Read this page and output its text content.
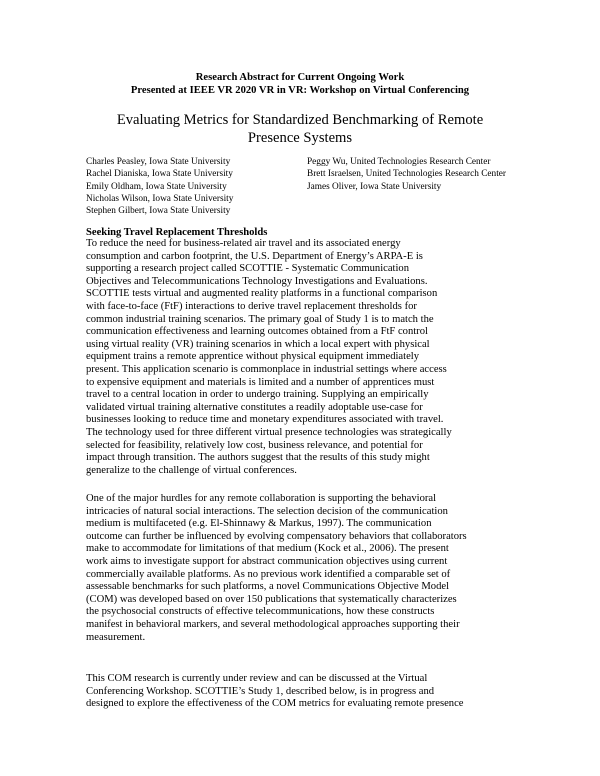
Research Abstract for Current Ongoing Work
Presented at IEEE VR 2020 VR in VR: Workshop on Virtual Conferencing
Evaluating Metrics for Standardized Benchmarking of Remote
Presence Systems
Charles Peasley, Iowa State University
Rachel Dianiska, Iowa State University
Emily Oldham, Iowa State University
Nicholas Wilson, Iowa State University
Stephen Gilbert, Iowa State University
Peggy Wu, United Technologies Research Center
Brett Israelsen, United Technologies Research Center
James Oliver, Iowa State University
Seeking Travel Replacement Thresholds
To reduce the need for business-related air travel and its associated energy
consumption and carbon footprint, the U.S. Department of Energy’s ARPA-E is
supporting a research project called SCOTTIE - Systematic Communication
Objectives and Telecommunications Technology Investigations and Evaluations.
SCOTTIE tests virtual and augmented reality platforms in a functional comparison
with face-to-face (FtF) interactions to derive travel replacement thresholds for
common industrial training scenarios. The primary goal of Study 1 is to match the
communication effectiveness and learning outcomes obtained from a FtF control
using virtual reality (VR) training scenarios in which a local expert with physical
equipment trains a remote apprentice without physical equipment immediately
present. This application scenario is commonplace in industrial settings where access
to expensive equipment and materials is limited and a number of apprentices must
travel to a central location in order to undergo training. Supplying an empirically
validated virtual training alternative constitutes a readily adoptable use-case for
businesses looking to reduce time and monetary expenditures associated with travel.
The technology used for three different virtual presence technologies was strategically
selected for feasibility, relatively low cost, business relevance, and potential for
impact through transition. The authors suggest that the results of this study might
generalize to the challenge of virtual conferences.
One of the major hurdles for any remote collaboration is supporting the behavioral
intricacies of natural social interactions. The selection decision of the communication
medium is multifaceted (e.g. El-Shinnawy & Markus, 1997). The communication
outcome can further be influenced by evolving compensatory behaviors that collaborators
make to accommodate for limitations of that medium (Kock et al., 2006). The present
work aims to investigate support for abstract communication objectives using current
commercially available platforms. As no previous work identified a comparable set of
assessable benchmarks for such platforms, a novel Communications Objective Model
(COM) was developed based on over 150 publications that systematically characterizes
the psychosocial constructs of effective telecommunications, how these constructs
manifest in behavioral markers, and several methodological approaches supporting their
measurement.
This COM research is currently under review and can be discussed at the Virtual
Conferencing Workshop. SCOTTIE’s Study 1, described below, is in progress and
designed to explore the effectiveness of the COM metrics for evaluating remote presence
